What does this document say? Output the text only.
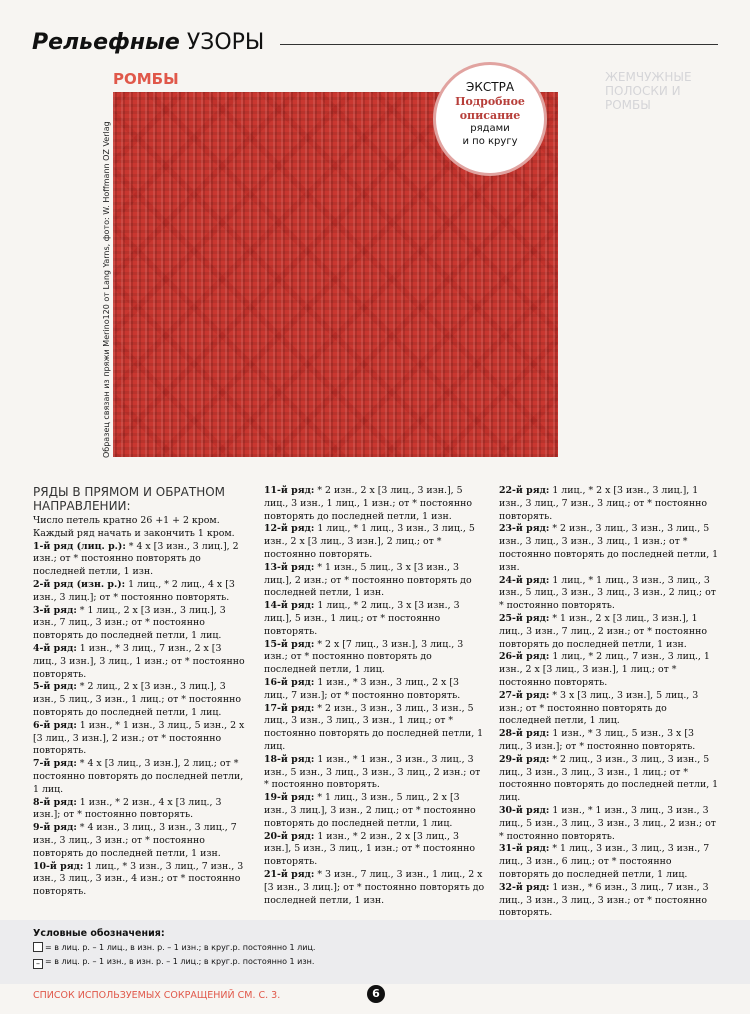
Рельефные УЗОРЫ
ЖЕМЧУЖНЫЕ ПОЛОСКИ И РОМБЫ
РОМБЫ
Образец связан из пряжи Merino120 от Lang Yarns, фото: W. Hoffmann OZ Verlag
ЭКСТРА
Подробное
описание
рядами
и по кругу

РЯДЫ В ПРЯМОМ И ОБРАТНОМ НАПРАВЛЕНИИ:

Число петель кратно 26 +1 + 2 кром.

Каждый ряд начать и закончить 1 кром.

1-й ряд (лиц. р.): * 4 х [3 изн., 3 лиц.], 2 изн.; от * постоянно повторять до последней петли, 1 изн.

2-й ряд (изн. р.): 1 лиц., * 2 лиц., 4 х [3 изн., 3 лиц.]; от * постоянно повторять.

3-й ряд: * 1 лиц., 2 х [3 изн., 3 лиц.], 3 изн., 7 лиц., 3 изн.; от * постоянно повторять до последней петли, 1 лиц.

4-й ряд: 1 изн., * 3 лиц., 7 изн., 2 х [3 лиц., 3 изн.], 3 лиц., 1 изн.; от * постоянно повторять.

5-й ряд: * 2 лиц., 2 х [3 изн., 3 лиц.], 3 изн., 5 лиц., 3 изн., 1 лиц.; от * постоянно повторять до последней петли, 1 лиц.

6-й ряд: 1 изн., * 1 изн., 3 лиц., 5 изн., 2 х [3 лиц., 3 изн.], 2 изн.; от * постоянно повторять.

7-й ряд: * 4 х [3 лиц., 3 изн.], 2 лиц.; от * постоянно повторять до последней петли, 1 лиц.

8-й ряд: 1 изн., * 2 изн., 4 х [3 лиц., 3 изн.]; от * постоянно повторять.

9-й ряд: * 4 изн., 3 лиц., 3 изн., 3 лиц., 7 изн., 3 лиц., 3 изн.; от * постоянно повторять до последней петли, 1 изн.

10-й ряд: 1 лиц., * 3 изн., 3 лиц., 7 изн., 3 изн., 3 лиц., 3 изн., 4 изн.; от * постоянно повторять.

11-й ряд: * 2 изн., 2 х [3 лиц., 3 изн.], 5 лиц., 3 изн., 1 лиц., 1 изн.; от * постоянно повторять до последней петли, 1 изн.

12-й ряд: 1 лиц., * 1 лиц., 3 изн., 3 лиц., 5 изн., 2 х [3 лиц., 3 изн.], 2 лиц.; от * постоянно повторять.

13-й ряд: * 1 изн., 5 лиц., 3 х [3 изн., 3 лиц.], 2 изн.; от * постоянно повторять до последней петли, 1 изн.

14-й ряд: 1 лиц., * 2 лиц., 3 х [3 изн., 3 лиц.], 5 изн., 1 лиц.; от * постоянно повторять.

15-й ряд: * 2 х [7 лиц., 3 изн.], 3 лиц., 3 изн.; от * постоянно повторять до последней петли, 1 лиц.

16-й ряд: 1 изн., * 3 изн., 3 лиц., 2 х [3 лиц., 7 изн.]; от * постоянно повторять.

17-й ряд: * 2 изн., 3 изн., 3 лиц., 3 изн., 5 лиц., 3 изн., 3 лиц., 3 изн., 1 лиц.; от * постоянно повторять до последней петли, 1 лиц.

18-й ряд: 1 изн., * 1 изн., 3 изн., 3 лиц., 3 изн., 5 изн., 3 лиц., 3 изн., 3 лиц., 2 изн.; от * постоянно повторять.

19-й ряд: * 1 лиц., 3 изн., 5 лиц., 2 х [3 изн., 3 лиц.], 3 изн., 2 лиц.; от * постоянно повторять до последней петли, 1 лиц.

20-й ряд: 1 изн., * 2 изн., 2 х [3 лиц., 3 изн.], 5 изн., 3 лиц., 1 изн.; от * постоянно повторять.

21-й ряд: * 3 изн., 7 лиц., 3 изн., 1 лиц., 2 х [3 изн., 3 лиц.]; от * постоянно повторять до последней петли, 1 изн.

22-й ряд: 1 лиц., * 2 х [3 изн., 3 лиц.], 1 изн., 3 лиц., 7 изн., 3 лиц.; от * постоянно повторять.

23-й ряд: * 2 изн., 3 лиц., 3 изн., 3 лиц., 5 изн., 3 лиц., 3 изн., 3 лиц., 1 изн.; от * постоянно повторять до последней петли, 1 изн.

24-й ряд: 1 лиц., * 1 лиц., 3 изн., 3 лиц., 3 изн., 5 лиц., 3 изн., 3 лиц., 3 изн., 2 лиц.; от * постоянно повторять.

25-й ряд: * 1 изн., 2 х [3 лиц., 3 изн.], 1 лиц., 3 изн., 7 лиц., 2 изн.; от * постоянно повторять до последней петли, 1 изн.

26-й ряд: 1 лиц., * 2 лиц., 7 изн., 3 лиц., 1 изн., 2 х [3 лиц., 3 изн.], 1 лиц.; от * постоянно повторять.

27-й ряд: * 3 х [3 лиц., 3 изн.], 5 лиц., 3 изн.; от * постоянно повторять до последней петли, 1 лиц.

28-й ряд: 1 изн., * 3 лиц., 5 изн., 3 х [3 лиц., 3 изн.]; от * постоянно повторять.

29-й ряд: * 2 лиц., 3 изн., 3 лиц., 3 изн., 5 лиц., 3 изн., 3 лиц., 3 изн., 1 лиц.; от * постоянно повторять до последней петли, 1 лиц.

30-й ряд: 1 изн., * 1 изн., 3 лиц., 3 изн., 3 лиц., 5 изн., 3 лиц., 3 изн., 3 лиц., 2 изн.; от * постоянно повторять.

31-й ряд: * 1 лиц., 3 изн., 3 лиц., 3 изн., 7 лиц., 3 изн., 6 лиц.; от * постоянно повторять до последней петли, 1 лиц.

32-й ряд: 1 изн., * 6 изн., 3 лиц., 7 изн., 3 лиц., 3 изн., 3 лиц., 3 изн.; от * постоянно повторять.

Условные обозначения:
= в лиц. р. – 1 лиц., в изн. р. – 1 изн.; в круг.р. постоянно 1 лиц.
– = в лиц. р. – 1 изн., в изн. р. – 1 лиц.; в круг.р. постоянно 1 изн.
СПИСОК ИСПОЛЬЗУЕМЫХ СОКРАЩЕНИЙ СМ. С. 3.	6
